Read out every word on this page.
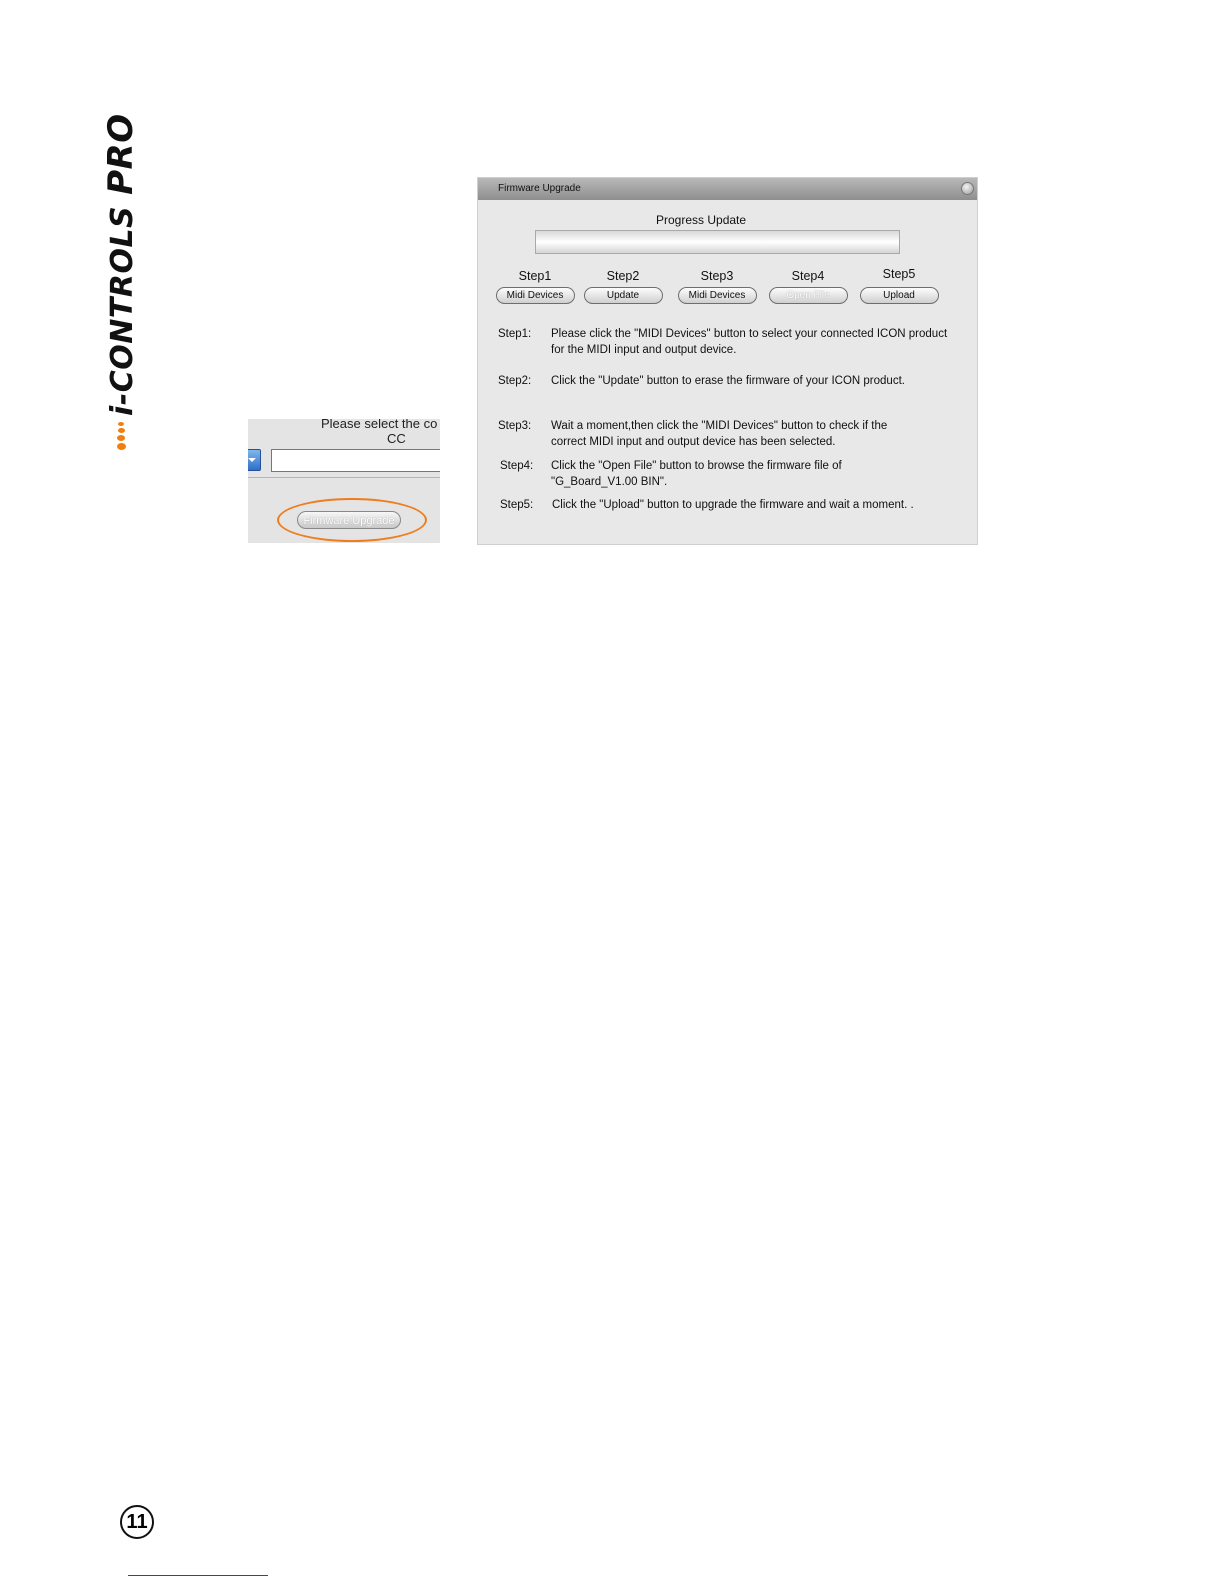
i-CONTROLS PRO
Please select the co
CC
Firmware Upgrade
Firmware Upgrade
Progress Update
Step1
Midi Devices
Step2
Update
Step3
Midi Devices
Step4
Open File
Step5
Upload
Step1: Please click the "MIDI Devices" button to select your connected ICON product for the MIDI input and output device.
Step2: Click the "Update" button to erase the firmware of your ICON product.
Step3: Wait a moment,then click the "MIDI Devices" button to check if the correct MIDI input and output device has been selected.
Step4: Click the "Open File" button to browse the firmware file of "G_Board_V1.00 BIN".
Step5: Click the "Upload" button to upgrade the firmware and wait a moment. .
11
